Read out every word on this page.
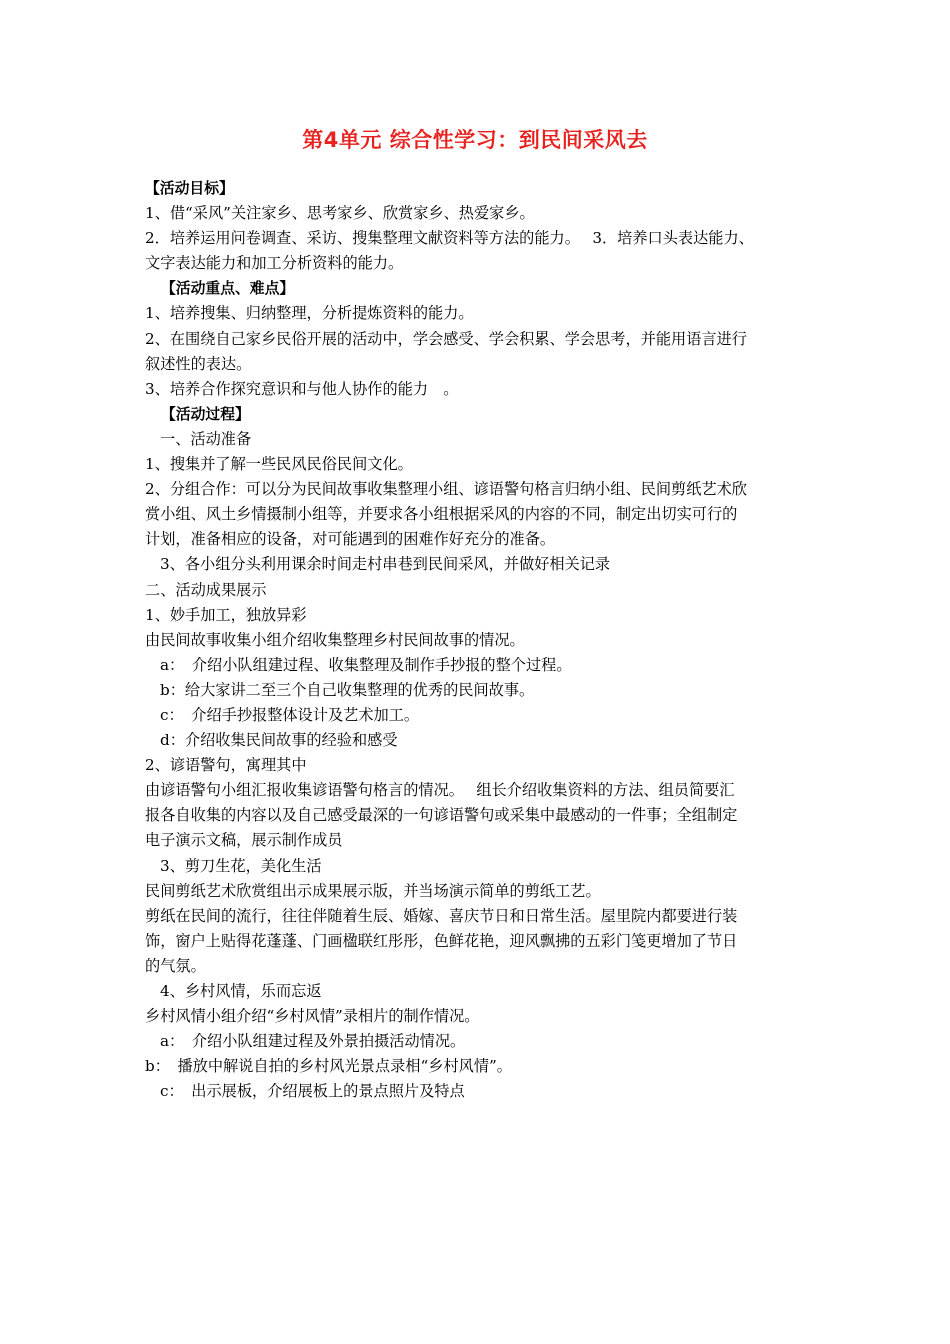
第4单元 综合性学习：到民间采风去
【活动目标】
1、借“采风”关注家乡、思考家乡、欣赏家乡、热爱家乡。
2．培养运用问卷调查、采访、搜集整理文献资料等方法的能力。　 3．培养口头表达能力、
文字表达能力和加工分析资料的能力。
【活动重点、难点】
1、培养搜集、归纳整理，分析提炼资料的能力。
2、在围绕自己家乡民俗开展的活动中，学会感受、学会积累、学会思考，并能用语言进行
叙述性的表达。
3、培养合作探究意识和与他人协作的能力　。
【活动过程】
一、活动准备
1、搜集并了解一些民风民俗民间文化。
2、分组合作：可以分为民间故事收集整理小组、谚语警句格言归纳小组、民间剪纸艺术欣
赏小组、风土乡情摄制小组等，并要求各小组根据采风的内容的不同，制定出切实可行的
计划，准备相应的设备，对可能遇到的困难作好充分的准备。
3、各小组分头利用课余时间走村串巷到民间采风，并做好相关记录
二、活动成果展示
1、妙手加工，独放异彩
由民间故事收集小组介绍收集整理乡村民间故事的情况。
a：　介绍小队组建过程、收集整理及制作手抄报的整个过程。
b：给大家讲二至三个自己收集整理的优秀的民间故事。
c：　介绍手抄报整体设计及艺术加工。
d：介绍收集民间故事的经验和感受
2、谚语警句，寓理其中
由谚语警句小组汇报收集谚语警句格言的情况。　 组长介绍收集资料的方法、组员简要汇
报各自收集的内容以及自己感受最深的一句谚语警句或采集中最感动的一件事；全组制定
电子演示文稿，展示制作成员
3、剪刀生花，美化生活
民间剪纸艺术欣赏组出示成果展示版，并当场演示简单的剪纸工艺。
剪纸在民间的流行，往往伴随着生辰、婚嫁、喜庆节日和日常生活。屋里院内都要进行装
饰，窗户上贴得花蓬蓬、门画楹联红彤彤，色鲜花艳，迎风飘拂的五彩门笺更增加了节日
的气氛。
4、乡村风情，乐而忘返
乡村风情小组介绍“乡村风情”录相片的制作情况。
a：　介绍小队组建过程及外景拍摄活动情况。
b：　播放中解说自拍的乡村风光景点录相“乡村风情”。
c：　出示展板，介绍展板上的景点照片及特点
